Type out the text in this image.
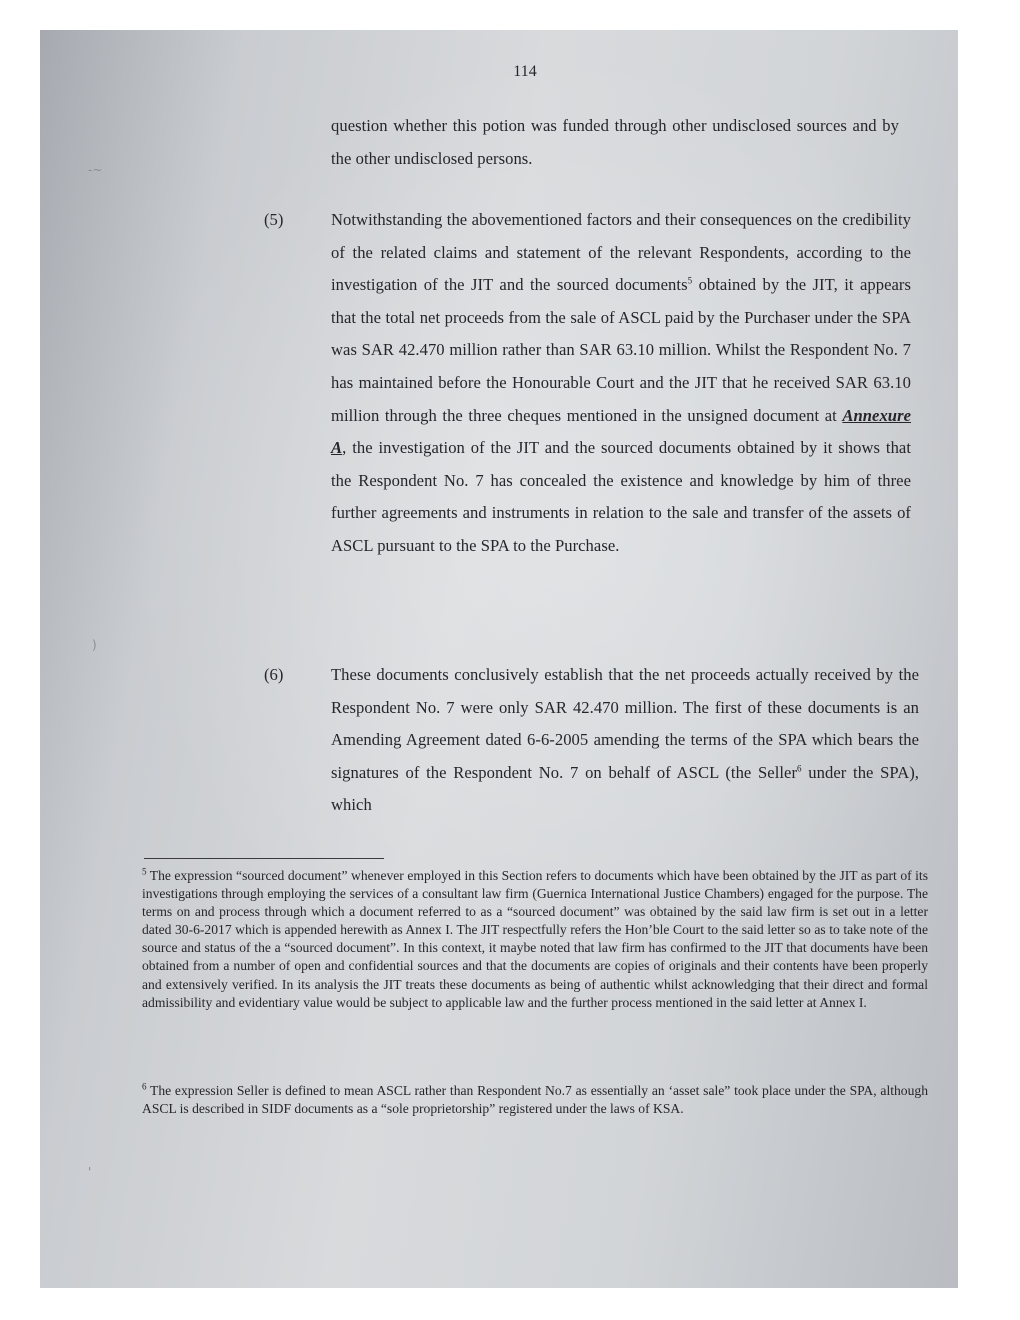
114
question whether this potion was funded through other undisclosed sources and by the other undisclosed persons.
(5)	Notwithstanding the abovementioned factors and their consequences on the credibility of the related claims and statement of the relevant Respondents, according to the investigation of the JIT and the sourced documents$^5$ obtained by the JIT, it appears that the total net proceeds from the sale of ASCL paid by the Purchaser under the SPA was SAR 42.470 million rather than SAR 63.10 million. Whilst the Respondent No. 7 has maintained before the Honourable Court and the JIT that he received SAR 63.10 million through the three cheques mentioned in the unsigned document at Annexure A, the investigation of the JIT and the sourced documents obtained by it shows that the Respondent No. 7 has concealed the existence and knowledge by him of three further agreements and instruments in relation to the sale and transfer of the assets of ASCL pursuant to the SPA to the Purchase.
(6)	These documents conclusively establish that the net proceeds actually received by the Respondent No. 7 were only SAR 42.470 million. The first of these documents is an Amending Agreement dated 6-6-2005 amending the terms of the SPA which bears the signatures of the Respondent No. 7 on behalf of ASCL (the Seller$^6$ under the SPA), which
$^5$ The expression “sourced document” whenever employed in this Section refers to documents which have been obtained by the JIT as part of its investigations through employing the services of a consultant law firm (Guernica International Justice Chambers) engaged for the purpose. The terms on and process through which a document referred to as a “sourced document” was obtained by the said law firm is set out in a letter dated 30-6-2017 which is appended herewith as Annex I. The JIT respectfully refers the Hon’ble Court to the said letter so as to take note of the source and status of the a “sourced document”. In this context, it maybe noted that law firm has confirmed to the JIT that documents have been obtained from a number of open and confidential sources and that the documents are copies of originals and their contents have been properly and extensively verified. In its analysis the JIT treats these documents as being of authentic whilst acknowledging that their direct and formal admissibility and evidentiary value would be subject to applicable law and the further process mentioned in the said letter at Annex I.
$^6$ The expression Seller is defined to mean ASCL rather than Respondent No.7 as essentially an ‘asset sale” took place under the SPA, although ASCL is described in SIDF documents as a “sole proprietorship” registered under the laws of KSA.
-~
)
'
